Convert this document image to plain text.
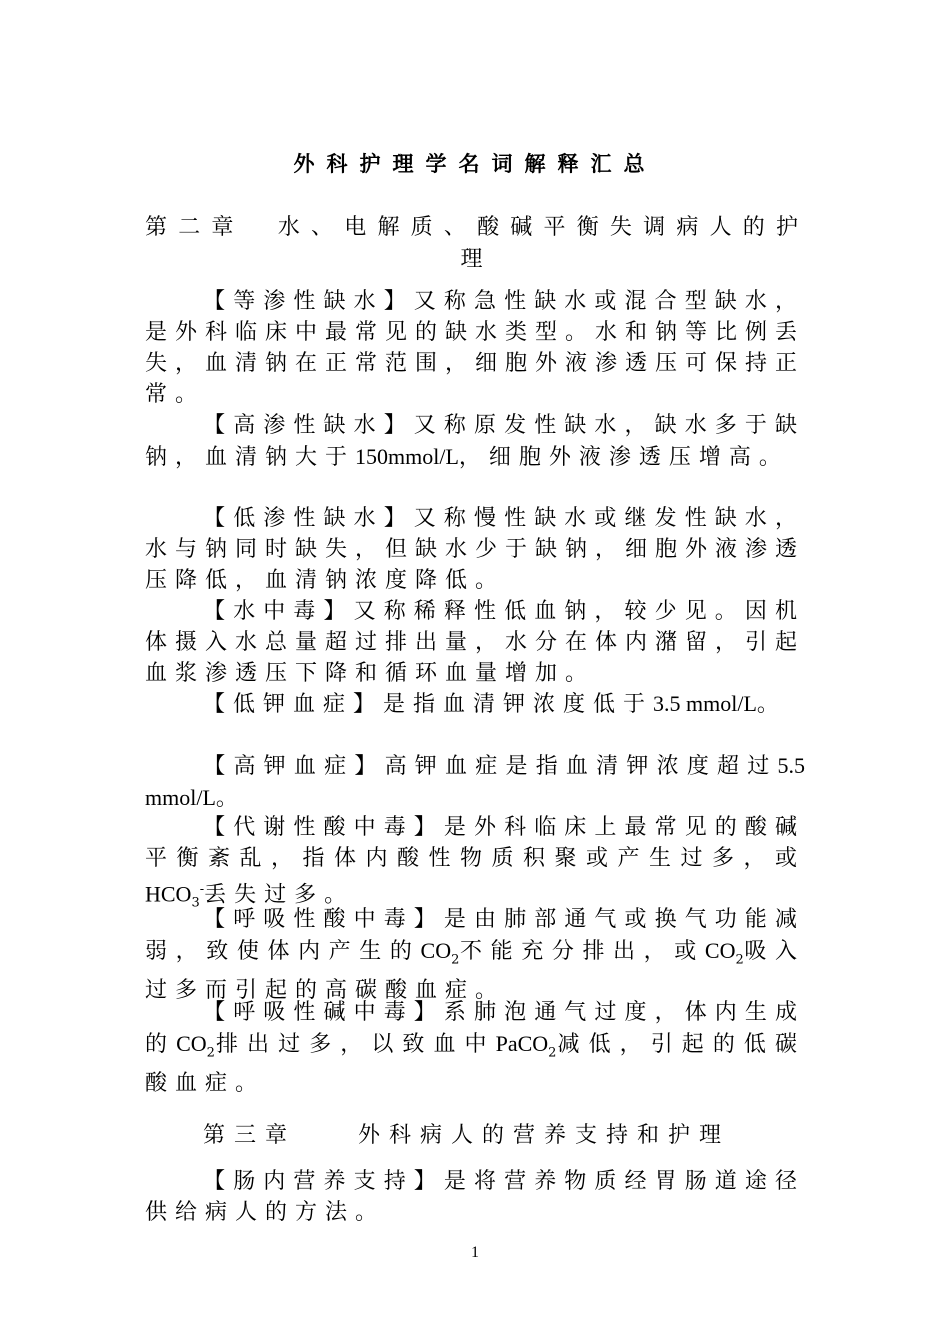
外科护理学名词解释汇总
第二章　水、电解质、酸碱平衡失调病人的护
理

【等渗性缺水】又称急性缺水或混合型缺水，是外科临床中最常见的缺水类型。水和钠等比例丢失，血清钠在正常范围，细胞外液渗透压可保持正常。

【高渗性缺水】又称原发性缺水，缺水多于缺钠，血清钠大于150mmol/L，细胞外液渗透压增高。

【低渗性缺水】又称慢性缺水或继发性缺水，水与钠同时缺失，但缺水少于缺钠，细胞外液渗透压降低，血清钠浓度降低。

【水中毒】又称稀释性低血钠，较少见。因机体摄入水总量超过排出量，水分在体内潴留，引起血浆渗透压下降和循环血量增加。

【低钾血症】是指血清钾浓度低于3.5 mmol/L。

【高钾血症】高钾血症是指血清钾浓度超过5.5 mmol/L。

【代谢性酸中毒】是外科临床上最常见的酸碱平衡紊乱，指体内酸性物质积聚或产生过多，或$HCO_3^-$丢失过多。

【呼吸性酸中毒】是由肺部通气或换气功能减弱，致使体内产生的$CO_2$不能充分排出，或$CO_2$吸入过多而引起的高碳酸血症。

【呼吸性碱中毒】系肺泡通气过度，体内生成的$CO_2$排出过多，以致血中PaCO$_2$减低，引起的低碳酸血症。

第三章　　外科病人的营养支持和护理

【肠内营养支持】是将营养物质经胃肠道途径供给病人的方法。

1
